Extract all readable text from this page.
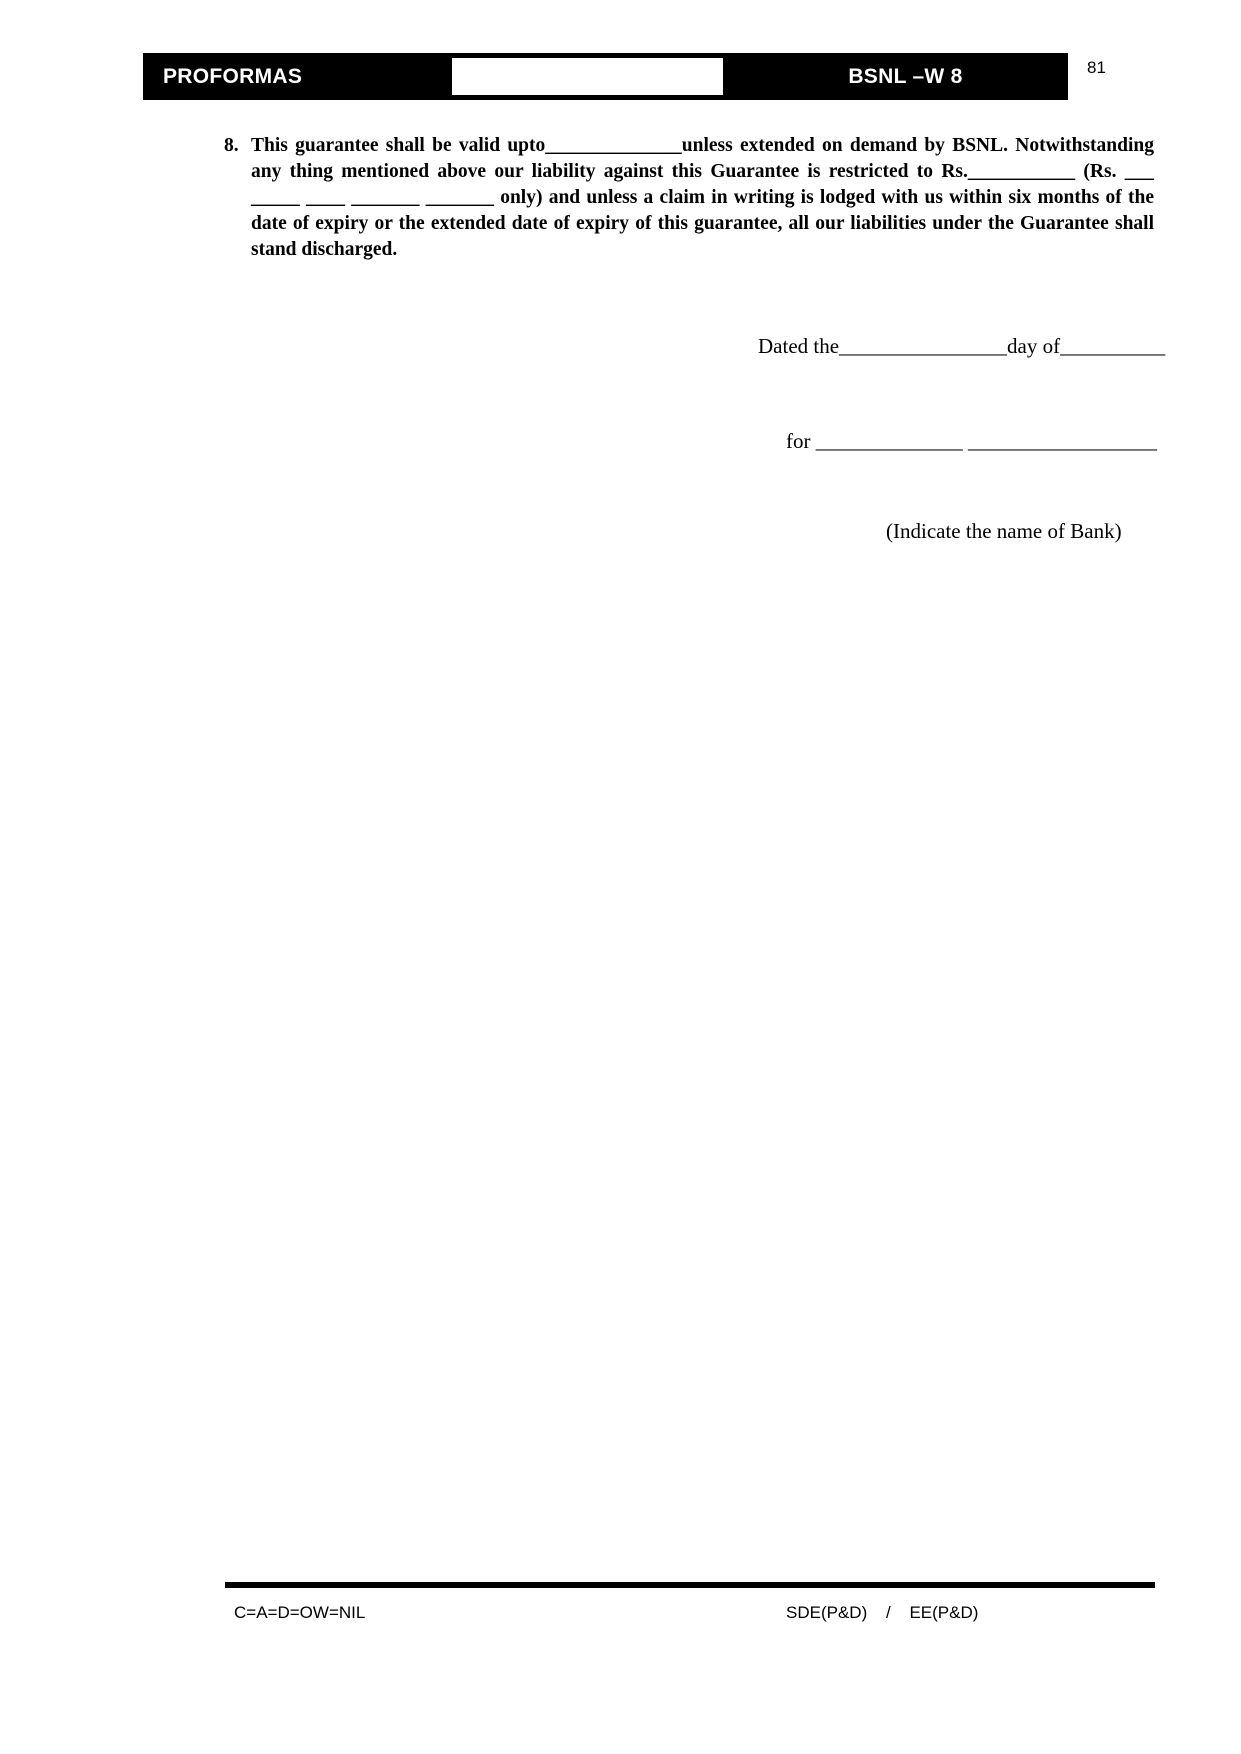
PROFORMAS	BSNL –W 8	81
8. This guarantee shall be valid upto______________unless extended on demand by BSNL. Notwithstanding any thing mentioned above our liability against this Guarantee is restricted to Rs.___________ (Rs. ___ _____ ____ _______ _______ only) and unless a claim in writing is lodged with us within six months of the date of expiry or the extended date of expiry of this guarantee, all our liabilities under the Guarantee shall stand discharged.
Dated the________________day of__________
for ______________ __________________
(Indicate the name of Bank)
C=A=D=OW=NIL	SDE(P&D) / EE(P&D)
